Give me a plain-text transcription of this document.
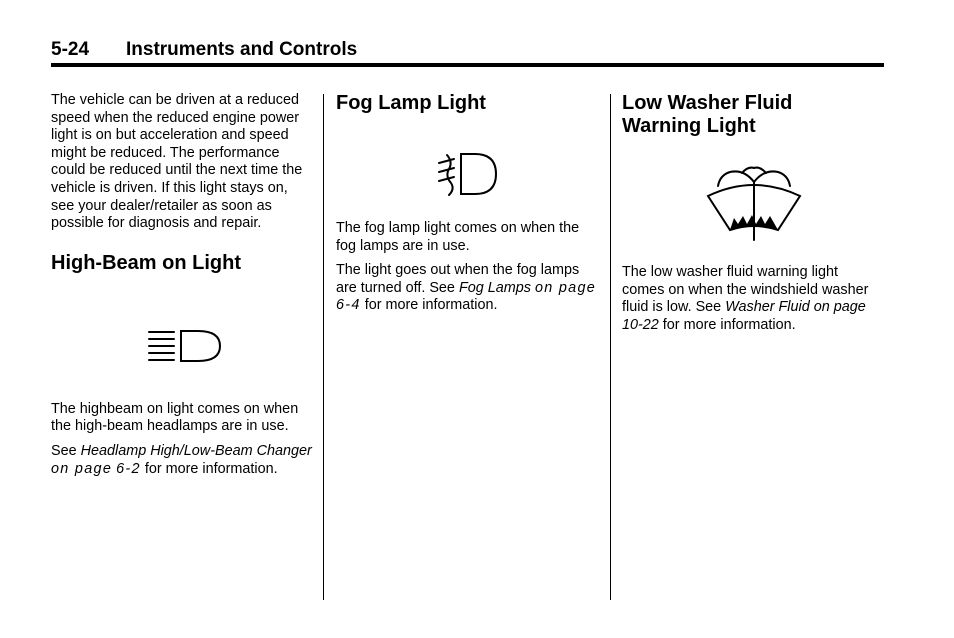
5-24 Instruments and Controls

The vehicle can be driven at a reduced speed when the reduced engine power light is on but acceleration and speed might be reduced. The performance could be reduced until the next time the vehicle is driven. If this light stays on, see your dealer/retailer as soon as possible for diagnosis and repair.

High-Beam on Light

The highbeam on light comes on when the high-beam headlamps are in use.

See Headlamp High/Low-Beam Changer on page 6-2 for more information.

Fog Lamp Light

The fog lamp light comes on when the fog lamps are in use.

The light goes out when the fog lamps are turned off. See Fog Lamps on page 6-4 for more information.

Low Washer Fluid
Warning Light

The low washer fluid warning light comes on when the windshield washer fluid is low. See Washer Fluid on page 10-22 for more information.
